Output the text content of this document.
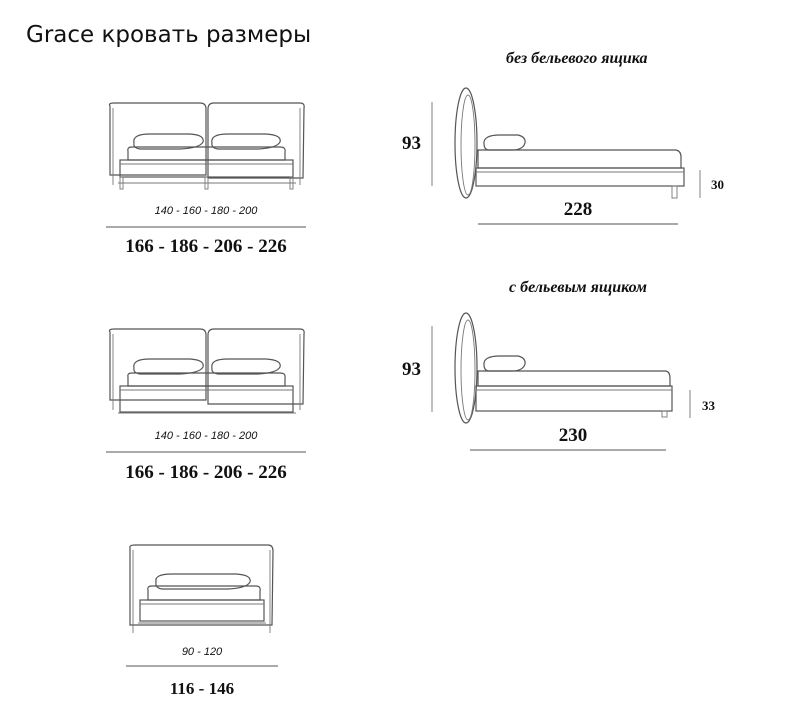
Grace кровать размеры
140 - 160 - 180 - 200
166 - 186 - 206 - 226
140 - 160 - 180 - 200
166 - 186 - 206 - 226
90 - 120
116 - 146
без бельевого ящика
93
228
30
с бельевым ящиком
93
230
33
